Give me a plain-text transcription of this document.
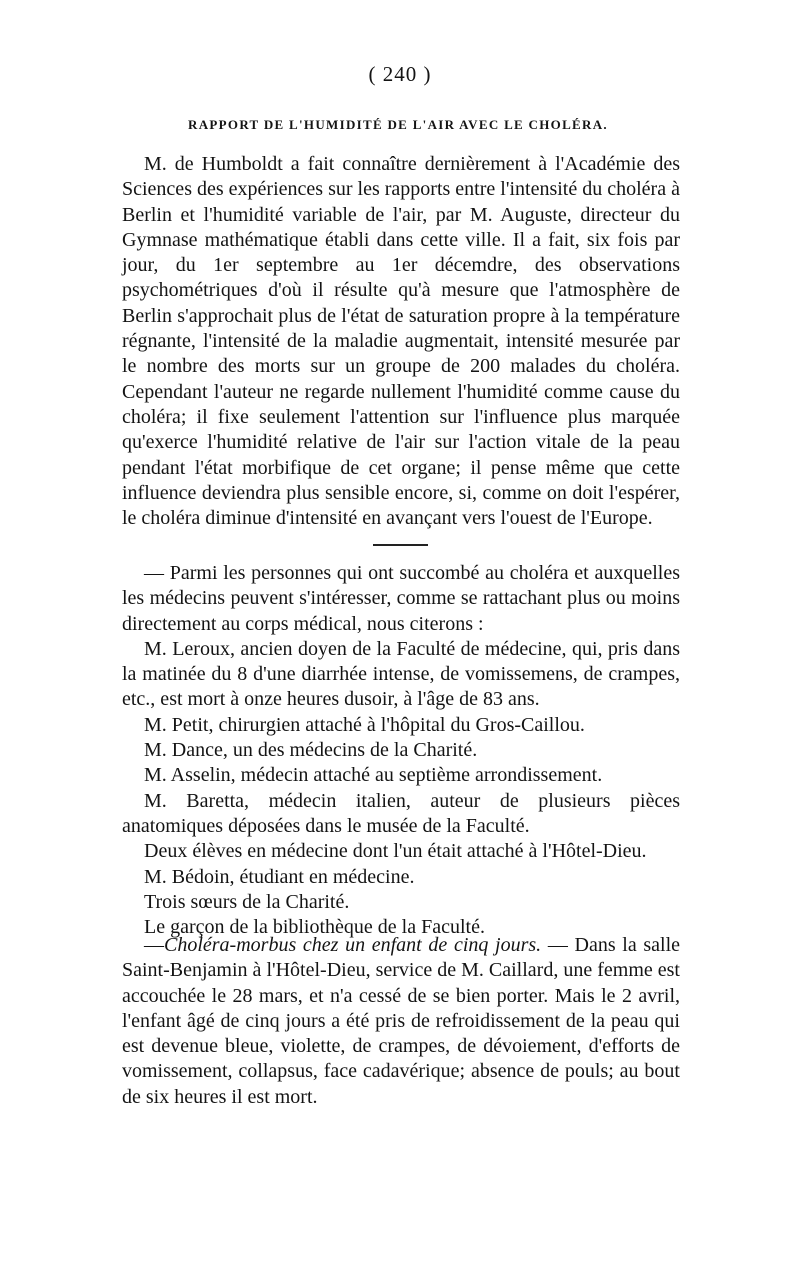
( 240 )
RAPPORT DE L'HUMIDITÉ DE L'AIR AVEC LE CHOLÉRA.

M. de Humboldt a fait connaître dernièrement à l'Académie des Sciences des expériences sur les rapports entre l'intensité du choléra à Berlin et l'humidité variable de l'air, par M. Auguste, directeur du Gymnase mathématique établi dans cette ville. Il a fait, six fois par jour, du 1er septembre au 1er décemdre, des observations psychométriques d'où il résulte qu'à mesure que l'atmosphère de Berlin s'approchait plus de l'état de saturation propre à la température régnante, l'intensité de la maladie augmentait, intensité mesurée par le nombre des morts sur un groupe de 200 malades du choléra. Cependant l'auteur ne regarde nullement l'humidité comme cause du choléra; il fixe seulement l'attention sur l'influence plus marquée qu'exerce l'humidité relative de l'air sur l'action vitale de la peau pendant l'état morbifique de cet organe; il pense même que cette influence deviendra plus sensible encore, si, comme on doit l'espérer, le choléra diminue d'intensité en avançant vers l'ouest de l'Europe.

— Parmi les personnes qui ont succombé au choléra et auxquelles les médecins peuvent s'intéresser, comme se rattachant plus ou moins directement au corps médical, nous citerons :

M. Leroux, ancien doyen de la Faculté de médecine, qui, pris dans la matinée du 8 d'une diarrhée intense, de vomissemens, de crampes, etc., est mort à onze heures dusoir, à l'âge de 83 ans.

M. Petit, chirurgien attaché à l'hôpital du Gros-Caillou.

M. Dance, un des médecins de la Charité.

M. Asselin, médecin attaché au septième arrondissement.

M. Baretta, médecin italien, auteur de plusieurs pièces anatomiques déposées dans le musée de la Faculté.

Deux élèves en médecine dont l'un était attaché à l'Hôtel-Dieu.

M. Bédoin, étudiant en médecine.

Trois sœurs de la Charité.

Le garçon de la bibliothèque de la Faculté.

—Choléra-morbus chez un enfant de cinq jours. — Dans la salle Saint-Benjamin à l'Hôtel-Dieu, service de M. Caillard, une femme est accouchée le 28 mars, et n'a cessé de se bien porter. Mais le 2 avril, l'enfant âgé de cinq jours a été pris de refroidissement de la peau qui est devenue bleue, violette, de crampes, de dévoiement, d'efforts de vomissement, collapsus, face cadavérique; absence de pouls; au bout de six heures il est mort.
